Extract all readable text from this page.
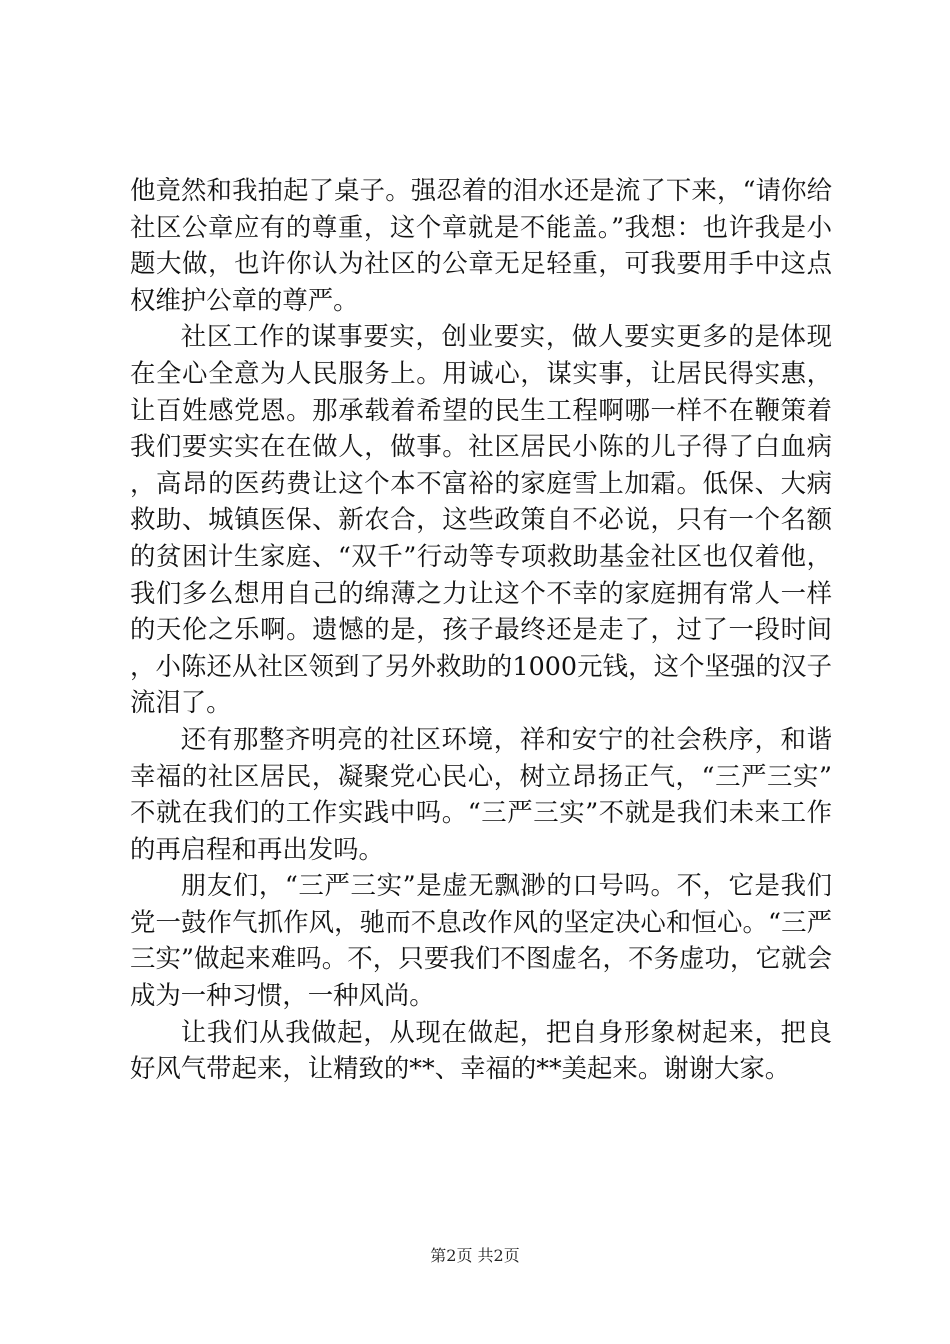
他竟然和我拍起了桌子。强忍着的泪水还是流了下来，“请你给社区公章应有的尊重，这个章就是不能盖。”我想：也许我是小题大做，也许你认为社区的公章无足轻重，可我要用手中这点权维护公章的尊严。

社区工作的谋事要实，创业要实，做人要实更多的是体现在全心全意为人民服务上。用诚心，谋实事，让居民得实惠，让百姓感党恩。那承载着希望的民生工程啊哪一样不在鞭策着我们要实实在在做人，做事。社区居民小陈的儿子得了白血病，高昂的医药费让这个本不富裕的家庭雪上加霜。低保、大病救助、城镇医保、新农合，这些政策自不必说，只有一个名额的贫困计生家庭、“双千”行动等专项救助基金社区也仅着他，我们多么想用自己的绵薄之力让这个不幸的家庭拥有常人一样的天伦之乐啊。遗憾的是，孩子最终还是走了，过了一段时间，小陈还从社区领到了另外救助的1000元钱，这个坚强的汉子流泪了。

还有那整齐明亮的社区环境，祥和安宁的社会秩序，和谐幸福的社区居民，凝聚党心民心，树立昂扬正气，“三严三实”不就在我们的工作实践中吗。“三严三实”不就是我们未来工作的再启程和再出发吗。

朋友们，“三严三实”是虚无飘渺的口号吗。不，它是我们党一鼓作气抓作风，驰而不息改作风的坚定决心和恒心。“三严三实”做起来难吗。不，只要我们不图虚名，不务虚功，它就会成为一种习惯，一种风尚。

让我们从我做起，从现在做起，把自身形象树起来，把良好风气带起来，让精致的**、幸福的**美起来。谢谢大家。

第2页 共2页
